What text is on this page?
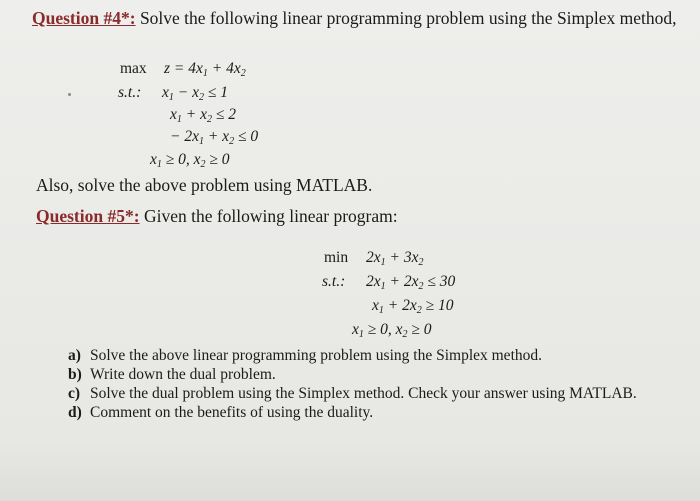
Question #4*: Solve the following linear programming problem using the Simplex method,
$\max z = 4x_1 + 4x_2$
s.t.: $x_1 - x_2 \le 1$
$x_1 + x_2 \le 2$
− $2x_1 + x_2 \le 0$
$x_1 \ge 0$, $x_2 \ge 0$
Also, solve the above problem using MATLAB.
Question #5*: Given the following linear program:
$\min 2x_1 + 3x_2$
s.t.: $2x_1 + 2x_2 \le 30$
$x_1 + 2x_2 \ge 10$
$x_1 \ge 0$, $x_2 \ge 0$
a) Solve the above linear programming problem using the Simplex method.
b) Write down the dual problem.
c) Solve the dual problem using the Simplex method. Check your answer using MATLAB.
d) Comment on the benefits of using the duality.
